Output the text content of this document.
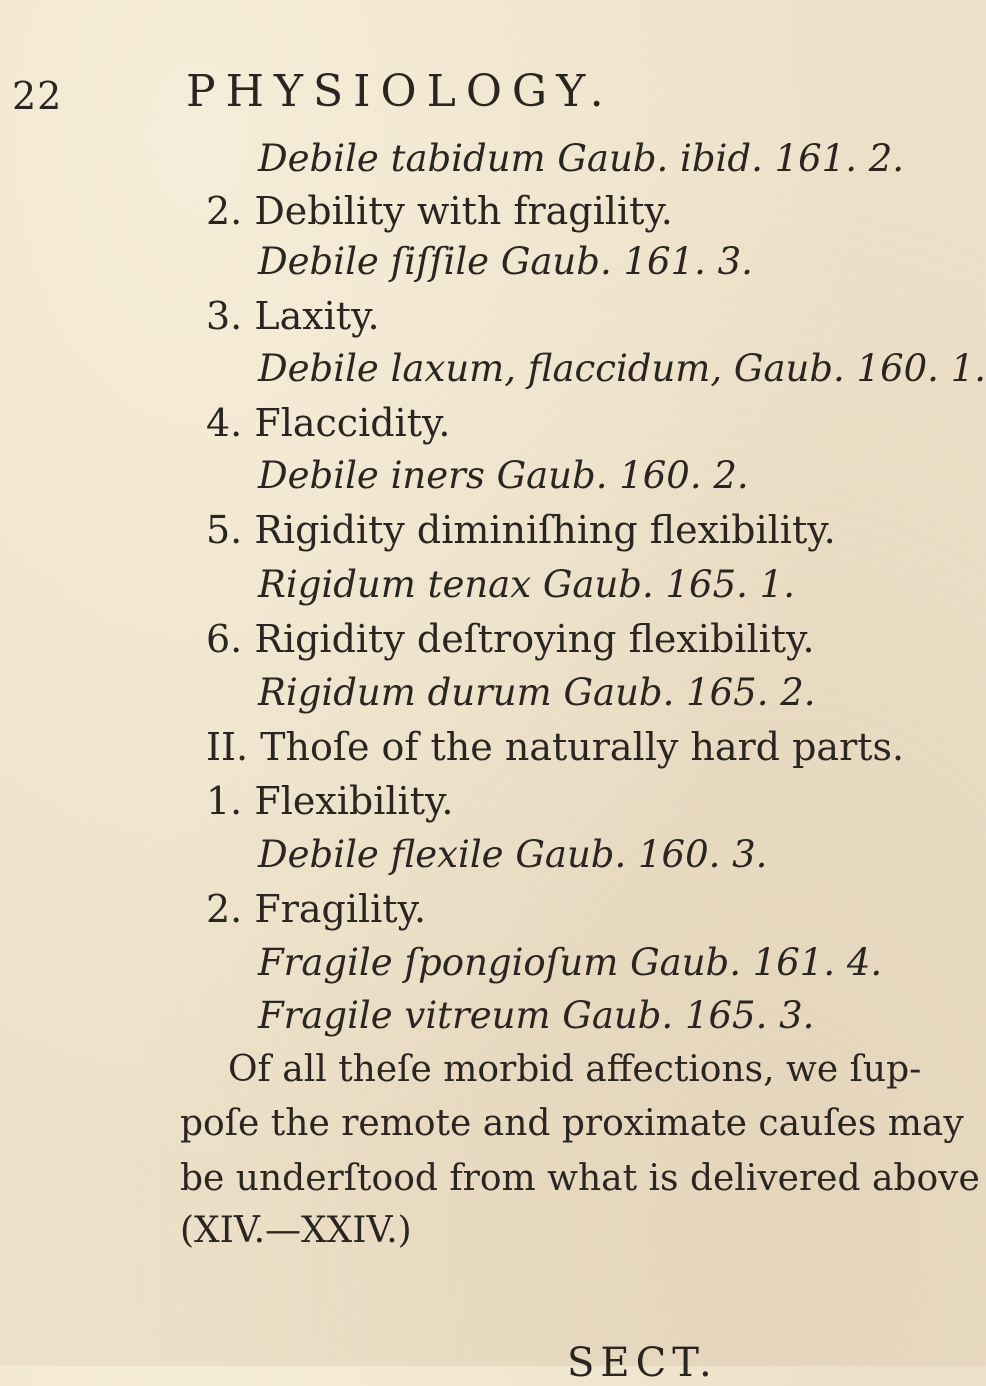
22	PHYSIOLOGY.
Debile tabidum Gaub. ibid. 161. 2.
2. Debility with fragility.
Debile ſiſſile Gaub. 161. 3.
3. Laxity.
Debile laxum, flaccidum, Gaub. 160. 1.
4. Flaccidity.
Debile iners Gaub. 160. 2.
5. Rigidity diminiſhing flexibility.
Rigidum tenax Gaub. 165. 1.
6. Rigidity deſtroying flexibility.
Rigidum durum Gaub. 165. 2.
II. Thoſe of the naturally hard parts.
1. Flexibility.
Debile flexile Gaub. 160. 3.
2. Fragility.
Fragile ſpongioſum Gaub. 161. 4.
Fragile vitreum Gaub. 165. 3.
Of all theſe morbid affections, we ſup-
poſe the remote and proximate cauſes may
be underſtood from what is delivered above
(XIV.—XXIV.)
SECT.
